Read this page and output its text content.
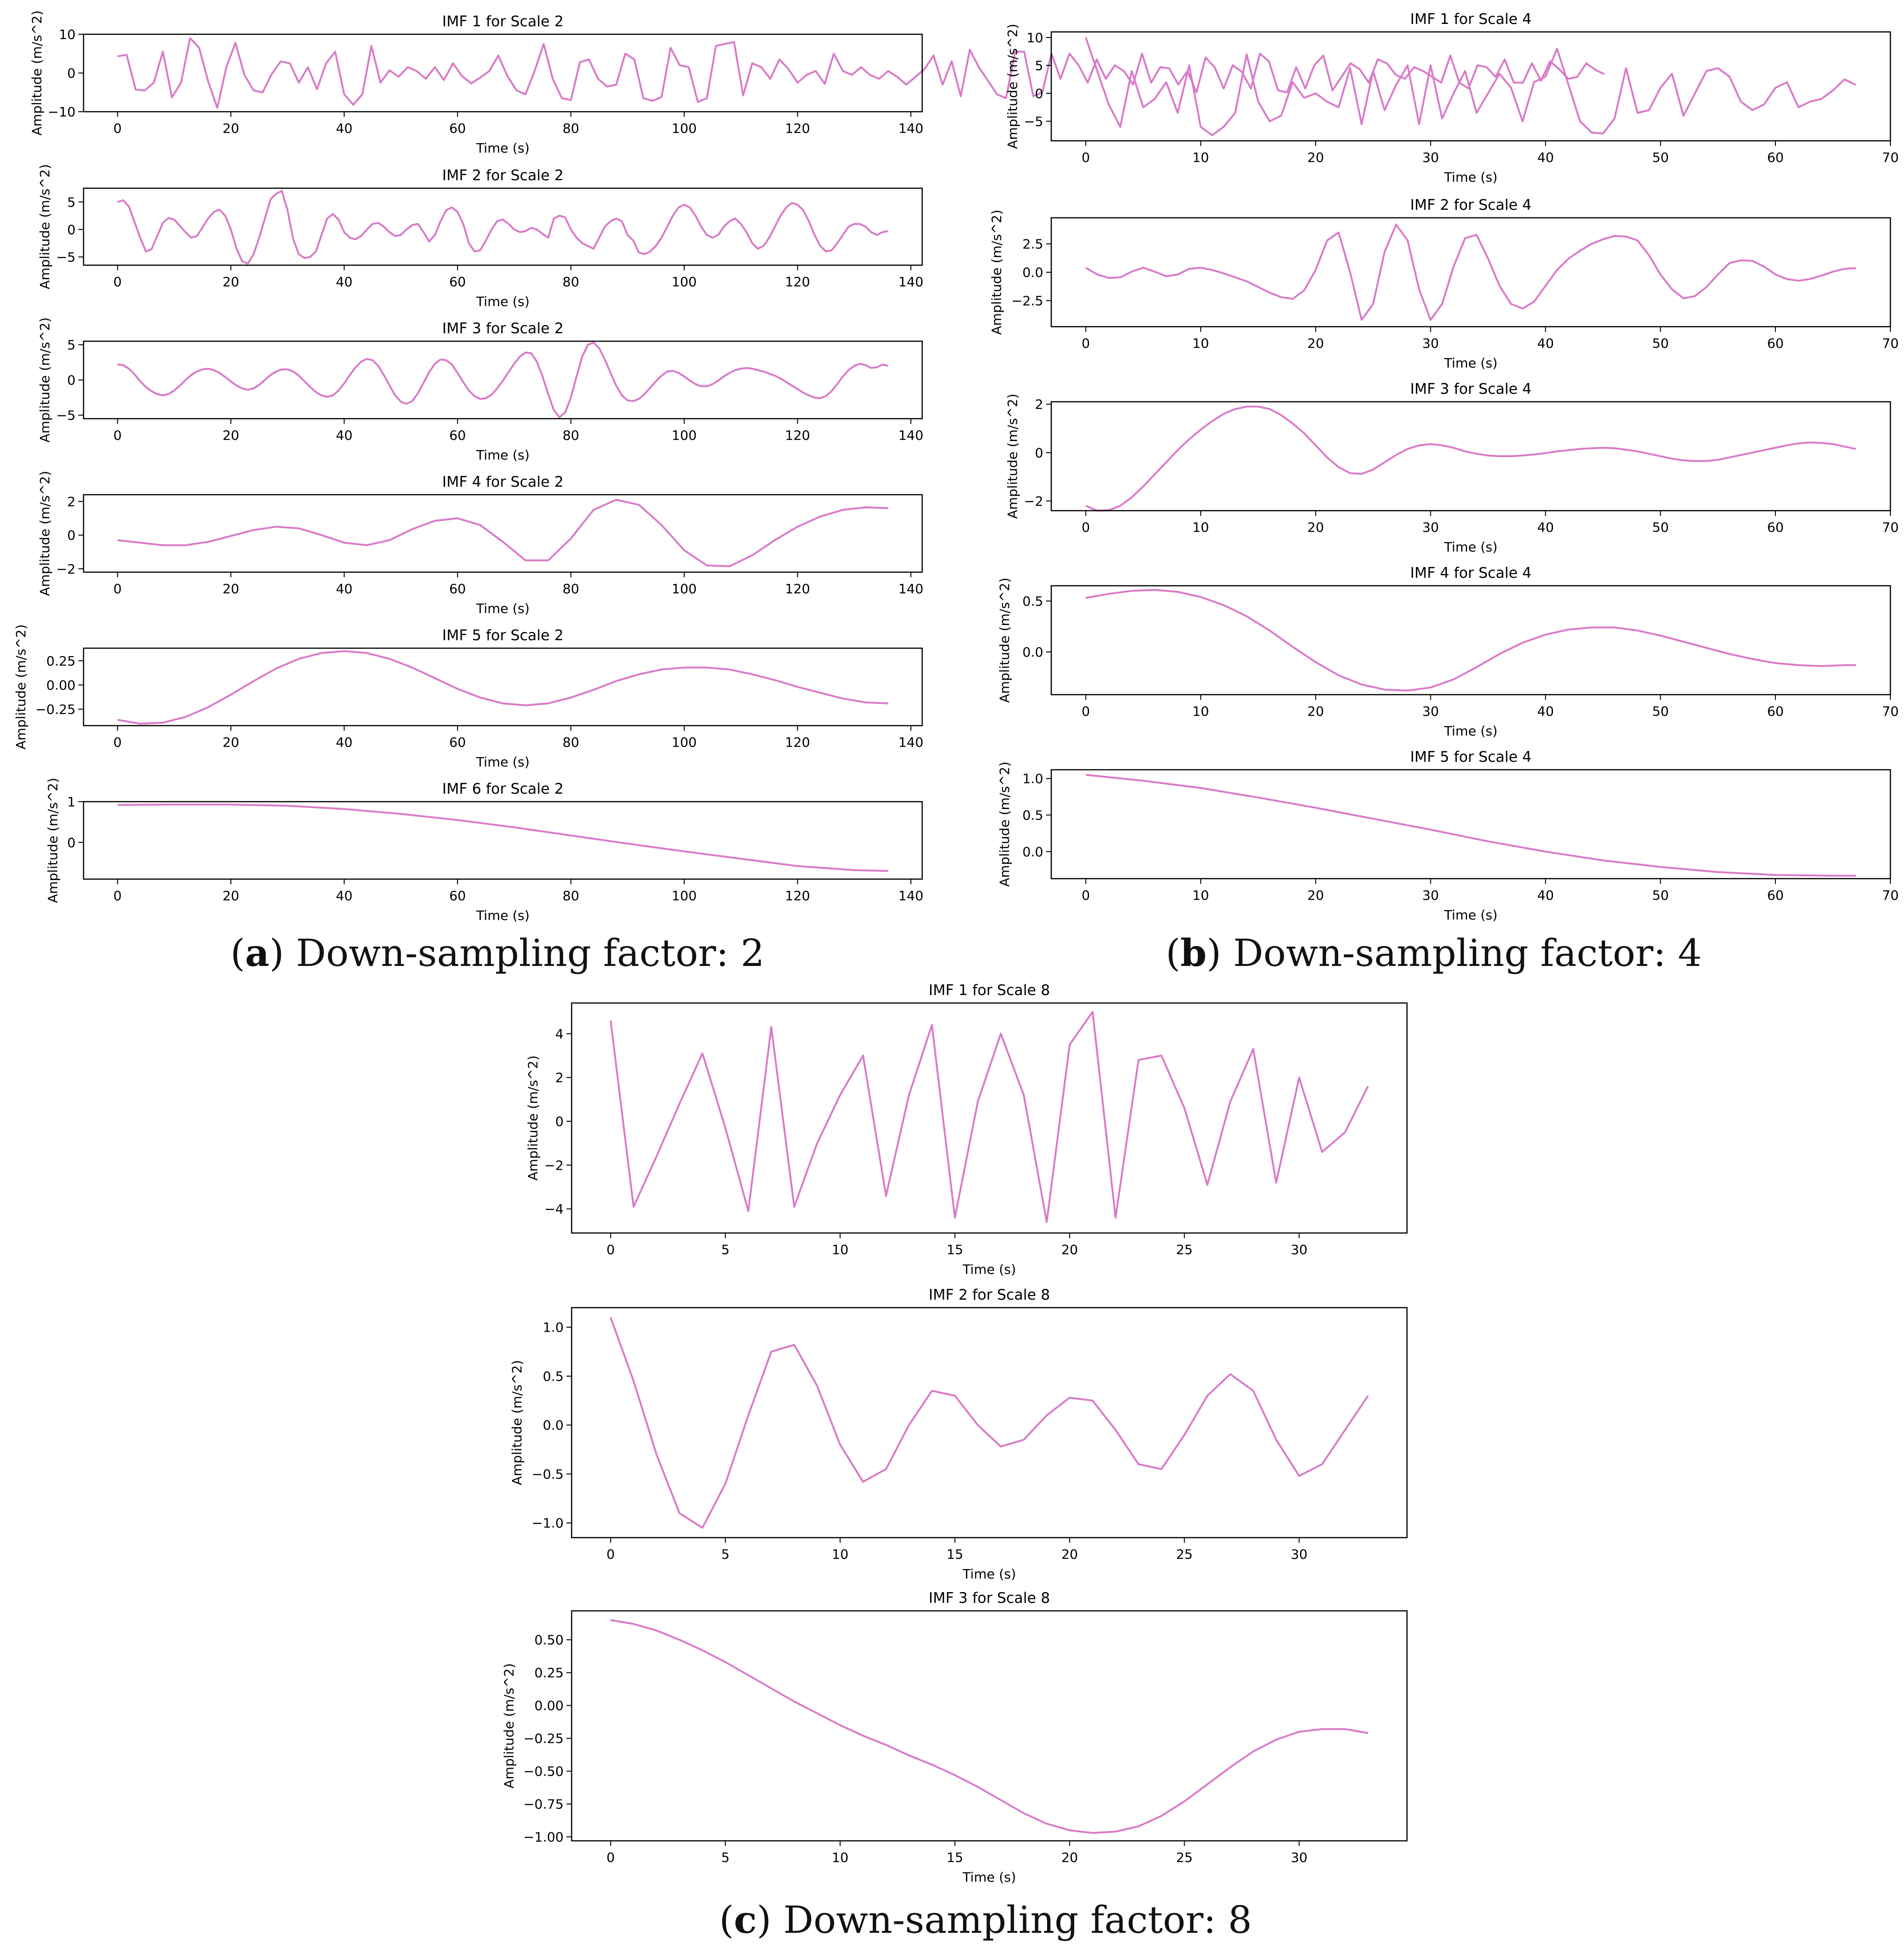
0	20	40	60	80	100	120	140
−10
0
10
IMF 1 for Scale 2
Time (s)
Amplitude (m/s^2)
0	20	40	60	80	100	120	140
−5
0
5
IMF 2 for Scale 2
Time (s)
Amplitude (m/s^2)
0	20	40	60	80	100	120	140
−5
0
5
IMF 3 for Scale 2
Time (s)
Amplitude (m/s^2)
0	20	40	60	80	100	120	140
−2
0
2
IMF 4 for Scale 2
Time (s)
Amplitude (m/s^2)
0	20	40	60	80	100	120	140
−0.25
0.00
0.25
IMF 5 for Scale 2
Time (s)
Amplitude (m/s^2)
0	20	40	60	80	100	120	140
0
1
IMF 6 for Scale 2
Time (s)
Amplitude (m/s^2)
0	10	20	30	40	50	60	70
−5
0
5
10
IMF 1 for Scale 4
Time (s)
Amplitude (m/s^2)
0	10	20	30	40	50	60	70
−2.5
0.0
2.5
IMF 2 for Scale 4
Time (s)
Amplitude (m/s^2)
0	10	20	30	40	50	60	70
−2
0
2
IMF 3 for Scale 4
Time (s)
Amplitude (m/s^2)
0	10	20	30	40	50	60	70
0.0
0.5
IMF 4 for Scale 4
Time (s)
Amplitude (m/s^2)
0	10	20	30	40	50	60	70
0.0
0.5
1.0
IMF 5 for Scale 4
Time (s)
Amplitude (m/s^2)
0	5	10	15	20	25	30
−4
−2
0
2
4
IMF 1 for Scale 8
Time (s)
Amplitude (m/s^2)
0	5	10	15	20	25	30
−1.0
−0.5
0.0
0.5
1.0
IMF 2 for Scale 8
Time (s)
Amplitude (m/s^2)
0	5	10	15	20	25	30
−1.00
−0.75
−0.50
−0.25
0.00
0.25
0.50
IMF 3 for Scale 8
Time (s)
Amplitude (m/s^2)
(a) Down-sampling factor: 2	(b) Down-sampling factor: 4
(c) Down-sampling factor: 8
